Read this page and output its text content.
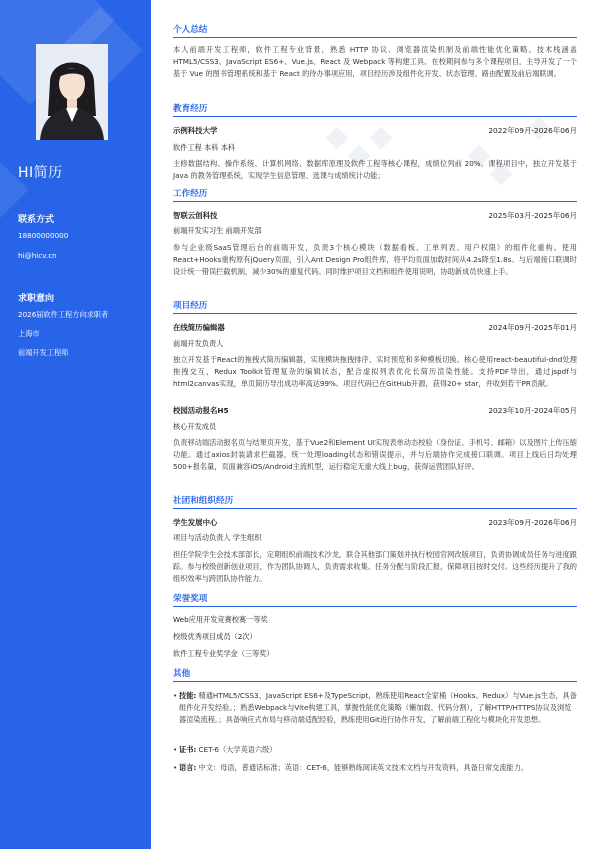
HI简历
联系方式
18800000000
hi@hicv.cn
求职意向
2026届软件工程方向求职者
上海市
前端开发工程师
个人总结
本人前端开发工程师，软件工程专业背景，熟悉 HTTP 协议、浏览器渲染机制及前端性能优化策略。技术栈涵盖 HTML5/CSS3、JavaScript ES6+、Vue.js、React 及 Webpack 等构建工具。在校期间参与多个课程项目，主导开发了一个基于 Vue 的图书管理系统和基于 React 的待办事项应用，项目经历涉及组件化开发、状态管理、路由配置及前后端联调。
教育经历
示例科技大学	2022年09月-2026年06月
软件工程 本科 本科
主修数据结构、操作系统、计算机网络、数据库原理及软件工程等核心课程，成绩位列前 20%。课程项目中，独立开发基于 Java 的教务管理系统，实现学生信息管理、选课与成绩统计功能；
工作经历
智联云创科技	2025年03月-2025年06月
前端开发实习生 前端开发部
参与企业级SaaS管理后台的前端开发，负责3个核心模块（数据看板、工单列表、用户权限）的组件化重构。使用React+Hooks重构原有jQuery页面，引入Ant Design Pro组件库，将平均页面加载时间从4.2s降至1.8s。与后端接口联调时设计统一错误拦截机制，减少30%的重复代码。同时维护项目文档和组件使用说明，协助新成员快速上手。
项目经历
在线简历编辑器	2024年09月-2025年01月
前端开发负责人
独立开发基于React的拖拽式简历编辑器，实现模块拖拽排序、实时预览和多种模板切换。核心使用react-beautiful-dnd处理拖拽交互，Redux Toolkit管理复杂的编辑状态，配合虚拟列表优化长简历渲染性能。支持PDF导出，通过jspdf与html2canvas实现，单页简历导出成功率高达99%。项目代码已在GitHub开源，获得20+ star，并收到若干PR贡献。
校园活动报名H5	2023年10月-2024年05月
核心开发成员
负责移动端活动报名页与结果页开发，基于Vue2和Element UI实现表单动态校验（身份证、手机号、邮箱）以及图片上传压缩功能。通过axios封装请求拦截器，统一处理loading状态和错误提示，并与后端协作完成接口联调。项目上线后日均处理500+报名量，页面兼容iOS/Android主流机型，运行稳定无重大线上bug，获得运营团队好评。
社团和组织经历
学生发展中心	2023年09月-2026年06月
项目与活动负责人 学生组织
担任学院学生会技术部部长，定期组织前端技术沙龙，联合其他部门策划并执行校园官网改版项目，负责协调成员任务与进度跟踪。参与校级创新创业项目，作为团队协调人，负责需求收集、任务分配与阶段汇报，保障项目按时交付。这些经历提升了我的组织效率与跨团队协作能力。
荣誉奖项
Web应用开发竞赛校赛一等奖
校级优秀项目成员（2次）
软件工程专业奖学金（三等奖）
其他
• 技能: 精通HTML5/CSS3、JavaScript ES6+及TypeScript，熟练使用React全家桶（Hooks、Redux）与Vue.js生态，具备组件化开发经验。；熟悉Webpack与Vite构建工具，掌握性能优化策略（懒加载、代码分割），了解HTTP/HTTPS协议及浏览器渲染流程。；具备响应式布局与移动端适配经验，熟练使用Git进行协作开发，了解前端工程化与模块化开发思想。
• 证书: CET-6（大学英语六级）
• 语言: 中文：母语，普通话标准；英语：CET-6，能够熟练阅读英文技术文档与开发资料，具备日常交流能力。
